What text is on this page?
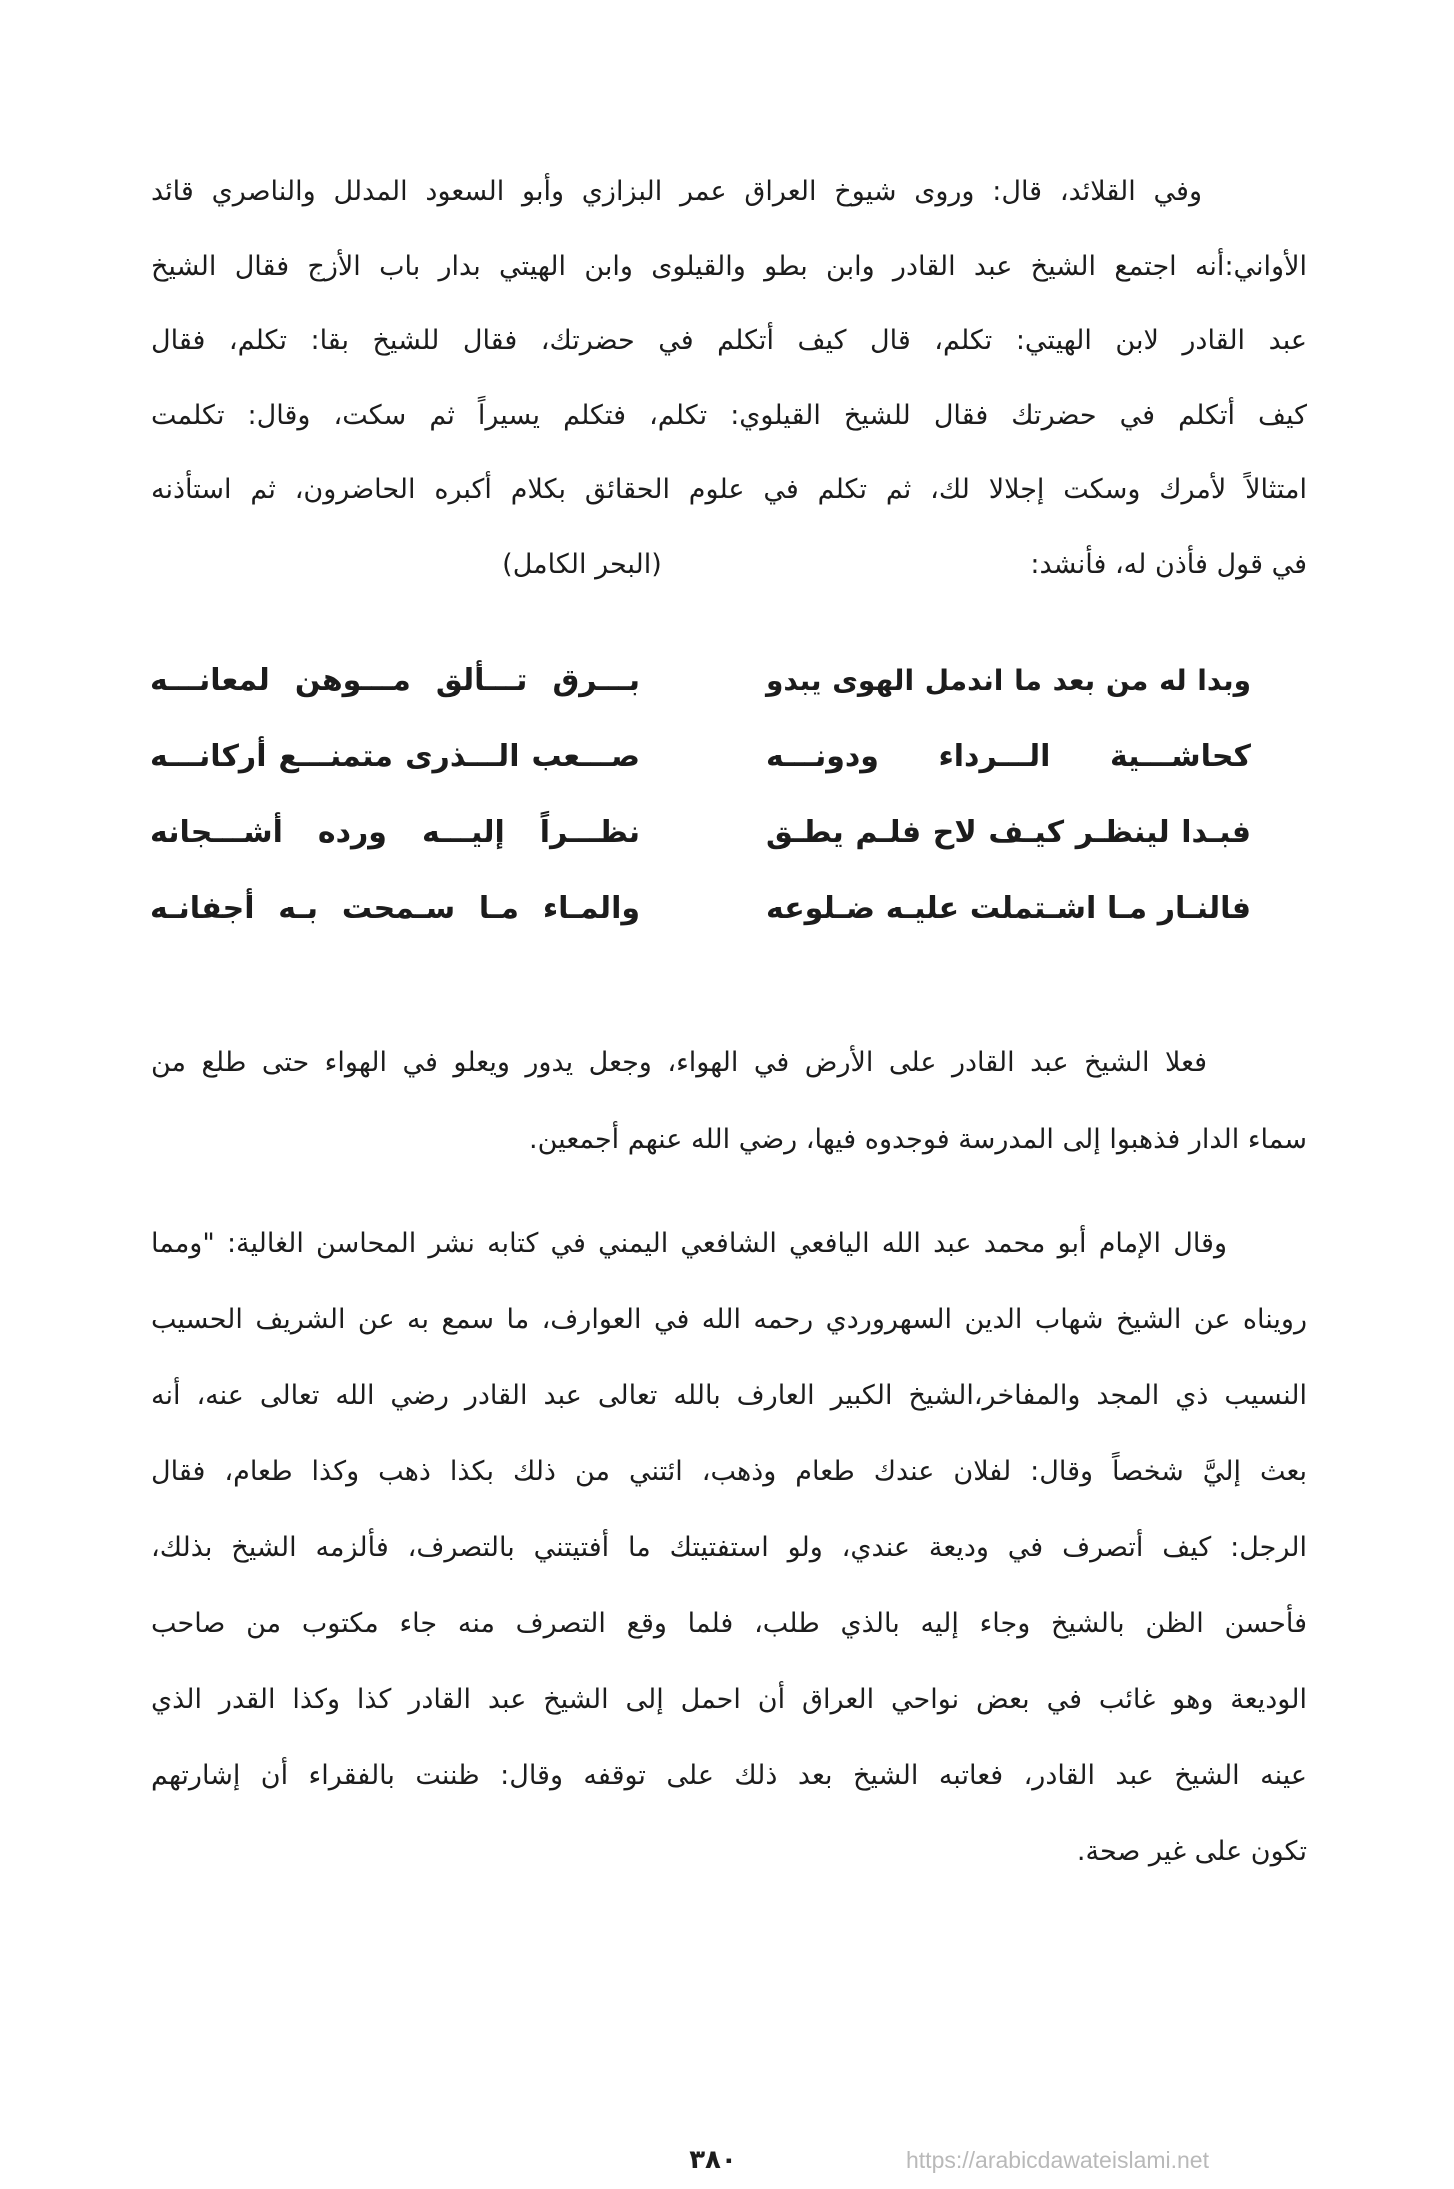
وفي القلائد، قال: وروى شيوخ العراق عمر البزازي وأبو السعود المدلل والناصري قائد
الأواني:أنه اجتمع الشيخ عبد القادر وابن بطو والقيلوى وابن الهيتي بدار باب الأزج فقال الشيخ
عبد القادر لابن الهيتي: تكلم، قال كيف أتكلم في حضرتك، فقال للشيخ بقا: تكلم، فقال
كيف أتكلم في حضرتك فقال للشيخ القيلوي: تكلم، فتكلم يسيراً ثم سكت، وقال: تكلمت
امتثالاً لأمرك وسكت إجلالا لك، ثم تكلم في علوم الحقائق بكلام أكبره الحاضرون، ثم استأذنه
في قول فأذن له، فأنشد:
(البحر الكامل)
وبدا له من بعد ما اندمل الهوى يبدو
بـــرق تـــألق مـــوهن لمعانـــه
كحاشـــية الـــرداء ودونـــه
صـــعب الـــذرى متمنـــع أركانـــه
فبـدا لينظـر كيـف لاح فلـم يطـق
نظـــراً إليـــه ورده أشـــجانه
فالنـار مـا اشـتملت عليـه ضـلوعه
والمـاء مـا سـمحت بـه أجفانـه
فعلا الشيخ عبد القادر على الأرض في الهواء، وجعل يدور ويعلو في الهواء حتى طلع من
سماء الدار فذهبوا إلى المدرسة فوجدوه فيها، رضي الله عنهم أجمعين.
وقال الإمام أبو محمد عبد الله اليافعي الشافعي اليمني في كتابه نشر المحاسن الغالية: "ومما
رويناه عن الشيخ شهاب الدين السهروردي رحمه الله في العوارف، ما سمع به عن الشريف الحسيب
النسيب ذي المجد والمفاخر،الشيخ الكبير العارف بالله تعالى عبد القادر رضي الله تعالى عنه، أنه
بعث إليَّ شخصاً وقال: لفلان عندك طعام وذهب، ائتني من ذلك بكذا ذهب وكذا طعام، فقال
الرجل: كيف أتصرف في وديعة عندي، ولو استفتيتك ما أفتيتني بالتصرف، فألزمه الشيخ بذلك،
فأحسن الظن بالشيخ وجاء إليه بالذي طلب، فلما وقع التصرف منه جاء مكتوب من صاحب
الوديعة وهو غائب في بعض نواحي العراق أن احمل إلى الشيخ عبد القادر كذا وكذا القدر الذي
عينه الشيخ عبد القادر، فعاتبه الشيخ بعد ذلك على توقفه وقال: ظننت بالفقراء أن إشارتهم
تكون على غير صحة.
٣٨٠	https://arabicdawateislami.net
